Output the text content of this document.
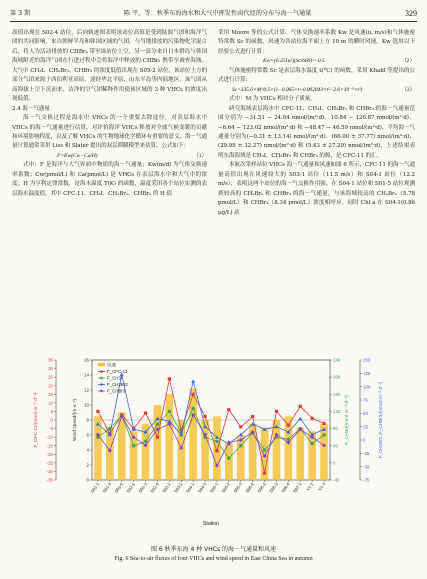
第 3 期	陈 平，等：秋季东海海水和大气中挥发性卤代烃的分布与海－气通量	329

高值出现在 S02-4 站位，后向轨迹图表明该站位高值是受到陆源气团和海洋气团的共同影响，来自朝鲜半岛和韩国区域的气团，与当地排放的污染物化学混合后，将人为活动排放的 CHBr₃ 带至该站位上空，另一部分来自日本群岛与韩国海域附近的海洋气团在行进过程中会将海洋中释放的 CHBr₃ 携带至调查海域。大气中 CH₃I、CH₂Br₂、CHBr₃ 的浓度低值出现在 S05-2 站位，该站位上方的部分气团来源于西伯利亚高原，途经华北平原、山东半岛等内陆地区，该气团从高海拔上空下沉而来，洁净的空气团稀释作用使该区域的 3 种 VHCs 的浓度出现低值。

2.4 海－气通量

海－气交换过程是海水中 VHCs 的一个重要去除途径，对表层海水中 VHCs 的海－气通量进行估算，对评价海洋 VHCs 释放对全球气候变暖的贡献和环境影响程度，以及了解 VHCs 的生物地球化学循环有重要的意义。海－气通量计算通常采用 Liss 和 Slater 提出的双层滞膜模型来估算，公式如下：

F=Kw(Cw−Ca/H)	（1）

式中：F 是海洋与大气界面中物质的海－气通量；Kw(m/d) 为气体交换速率系数；Cw(pmol/L) 和 Ca(pmol/L) 是 VHCs 在表层海水中和大气中的浓度；H 为亨利定律常数，是海水温度 T(K) 的函数，温度采用各个站位实测的表层海水温度值，其中 CFC-11、CH₃I、CH₂Br₂、CHBr₃ 的 H 值

采用 Moore 等的公式计算。气体交换速率系数 Kw 是风速(u, m/s)和气体施密特常数 Sc 的函数，风速为各站位海平面上方 10 m 的瞬时风速。Kw 选用以下经验公式进行计算：

Kw=(0.251u²)(Sc/660)^−0.5	（2）

气体施密特常数 Sc 是表层海水温度 t(°C) 的函数，采用 Khalil 等提出的公式进行计算：

Sc=335.6×M^0.5×(1−0.065×t+0.002043×t²−2.6×10⁻⁵×t³)	（3）

式中：M 为 VHCs 相对分子质量。

研究海域表层海水中 CFC-11、CH₃I、CH₂Br₂ 和 CHBr₃ 的海－气通量范围分别为 −31.51 − 24.04 nmol/(m²·d)、10.84 − 126.87 nmol/(m²·d)、−6.64 − 123.02 nmol/(m²·d) 和 −48.47 − 46.59 nmol/(m²·d)，平均海－气通量分别为(−0.31 ± 13.14) nmol/(m²·d)、(66.00 ± 37.77) nmol/(m²·d)、(29.99 ± 32.27) nmol/(m²·d) 和 (5.43 ± 27.29) nmol/(m²·d)，上述结果表明东海海域是 CH₃I、CH₂Br₂ 和 CHBr₃ 的源，是 CFC-11 的汇。

本航次采样站位 VHCs 海－气通量和风速如图 6 所示，CFC-11 的海－气通量高值出现在风速较大的 S03-1 站位（11.5 m/s）和 S04-1 站位（12.2 m/s），表明这两个站位的海－气交换作用强。在 S04-1 站位和 S01-5 站位观测到较高的 CH₂Br₂ 和 CHBr₃ 的海－气通量，与该海域较高的 CH₂Br₂（5.78 pmol/L）和 CHBr₃（8.34 pmol/L）浓度相呼应。同时 Chl a 在 S04-1(0.86 μg/L) 站

-35
-30
-25
-20
-15
-10
-5
0
5
10
15
20
25
30
35
F_CFC-11/(nmol·m⁻²·d⁻¹)
0
2
4
6
8
10
12
14
16
Wind speed/(m·s⁻¹)
-40
0
40
80
120
160
200
240
F_CH3I/(nmol·m⁻²·d⁻¹)
-75
-50
-25
0
25
50
75
100
125
150
F_CH2Br2 (F_CHBr3)/(nmol·m⁻²·d⁻¹)
S01-1 S01-3 S01-5 S02-1 S02-3 S02-4 S03-1 S03-2 S04-1 S04-3 S05-1 S05-2 S05-3 S06-1 S06-2 S06-3 S06-4 S07-1 Y1-2 Y1-3
Station
风速
F_CFC-11
F_CH3I
F_CH2Br2
F_CHBr3
图 6 秋季东海 4 种 VHCs 的海－气通量和风速
Fig. 6 Sea-to-air fluxes of four VHCs and wind speed in East China Sea in autumn
